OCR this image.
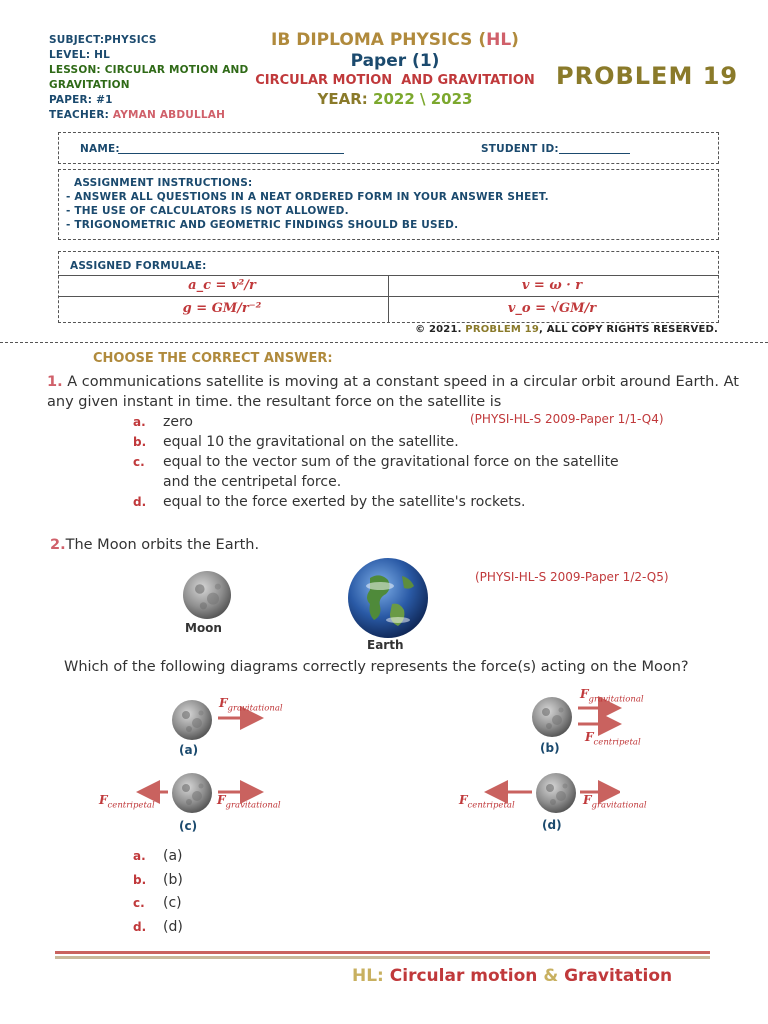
SUBJECT:PHYSICS
LEVEL: HL
LESSON: CIRCULAR MOTION AND GRAVITATION
PAPER: #1
TEACHER: AYMAN ABDULLAH
IB DIPLOMA PHYSICS (HL)
Paper (1)
CIRCULAR MOTION AND GRAVITATION
YEAR: 2022 \ 2023
PROBLEM 19
NAME:	STUDENT ID:
ASSIGNMENT INSTRUCTIONS:
- ANSWER ALL QUESTIONS IN A NEAT ORDERED FORM IN YOUR ANSWER SHEET.
- THE USE OF CALCULATORS IS NOT ALLOWED.
- TRIGONOMETRIC AND GEOMETRIC FINDINGS SHOULD BE USED.
ASSIGNED FORMULAE:
a_c = v²/r	v = ω · r
g = GM/r⁻²	v_o = √GM/r
© 2021. PROBLEM 19, ALL COPY RIGHTS RESERVED.
CHOOSE THE CORRECT ANSWER:
1. A communications satellite is moving at a constant speed in a circular orbit around Earth. At any given instant in time. the resultant force on the satellite is
(PHYSI-HL-S 2009-Paper 1/1-Q4)
a. zero
b. equal 10 the gravitational on the satellite.
c. equal to the vector sum of the gravitational force on the satellite
and the centripetal force.
d. equal to the force exerted by the satellite's rockets.
2.The Moon orbits the Earth.
(PHYSI-HL-S 2009-Paper 1/2-Q5)
Moon
Earth
Which of the following diagrams correctly represents the force(s) acting on the Moon?
$F_{gravitational}$
(a)
$F_{gravitational}$
$F_{centripetal}$
(b)
$F_{centripetal}$	$F_{gravitational}$
(c)
$F_{centripetal}$	$F_{gravitational}$
(d)
a. (a)
b. (b)
c. (c)
d. (d)
HL: Circular motion & Gravitation
